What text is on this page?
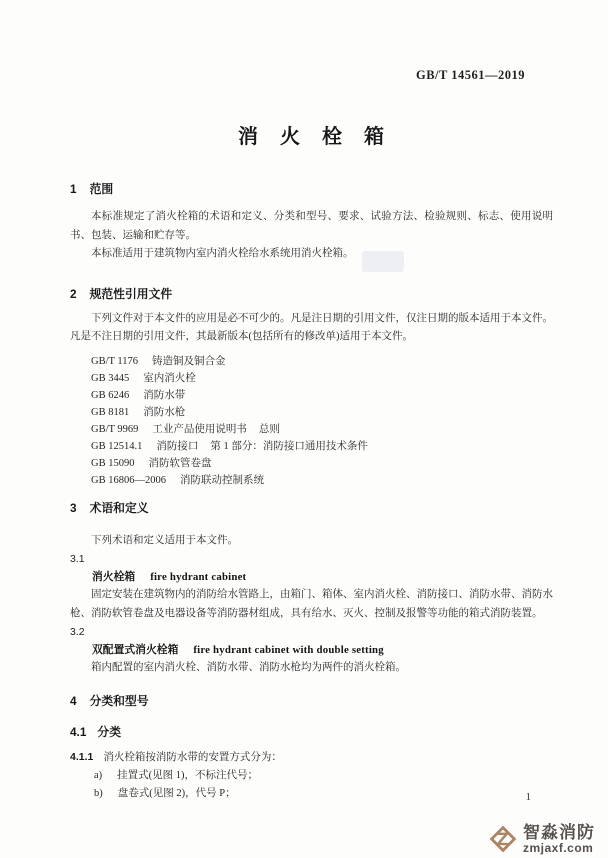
GB/T 14561—2019
消　火　栓　箱
1 范围

本标准规定了消火栓箱的术语和定义、分类和型号、要求、试验方法、检验规则、标志、使用说明书、包装、运输和贮存等。

本标准适用于建筑物内室内消火栓给水系统用消火栓箱。

2 规范性引用文件

下列文件对于本文件的应用是必不可少的。凡是注日期的引用文件，仅注日期的版本适用于本文件。凡是不注日期的引用文件，其最新版本(包括所有的修改单)适用于本文件。

GB/T 1176 铸造铜及铜合金
GB 3445 室内消火栓
GB 6246 消防水带
GB 8181 消防水枪
GB/T 9969 工业产品使用说明书 总则
GB 12514.1 消防接口 第 1 部分：消防接口通用技术条件
GB 15090 消防软管卷盘
GB 16806—2006 消防联动控制系统
3 术语和定义

下列术语和定义适用于本文件。

3.1
消火栓箱 fire hydrant cabinet

固定安装在建筑物内的消防给水管路上，由箱门、箱体、室内消火栓、消防接口、消防水带、消防水枪、消防软管卷盘及电器设备等消防器材组成，具有给水、灭火、控制及报警等功能的箱式消防装置。

3.2
双配置式消火栓箱 fire hydrant cabinet with double setting

箱内配置的室内消火栓、消防水带、消防水枪均为两件的消火栓箱。

4 分类和型号
4.1 分类
4.1.1 消火栓箱按消防水带的安置方式分为：
a) 挂置式(见图 1)，不标注代号；
b) 盘卷式(见图 2)，代号 P；	1
智淼消防
zmjaxf.com
